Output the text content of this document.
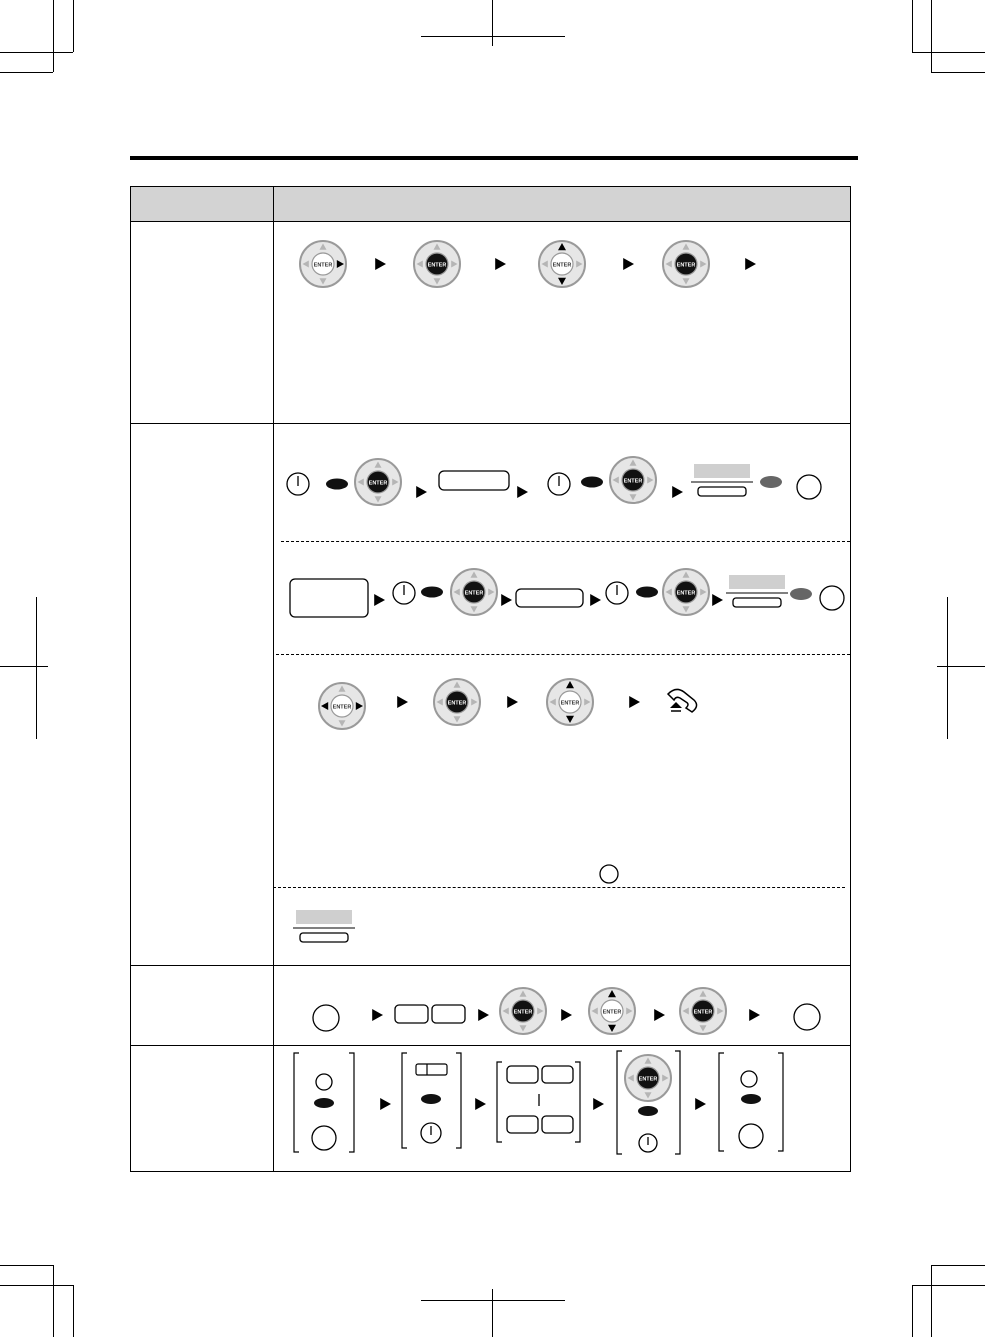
ENTER	ENTER	ENTER	ENTER
ENTER	ENTER
ENTER	ENTER
ENTER
ENTER	ENTER
ENTER	ENTER	ENTER
ENTER
